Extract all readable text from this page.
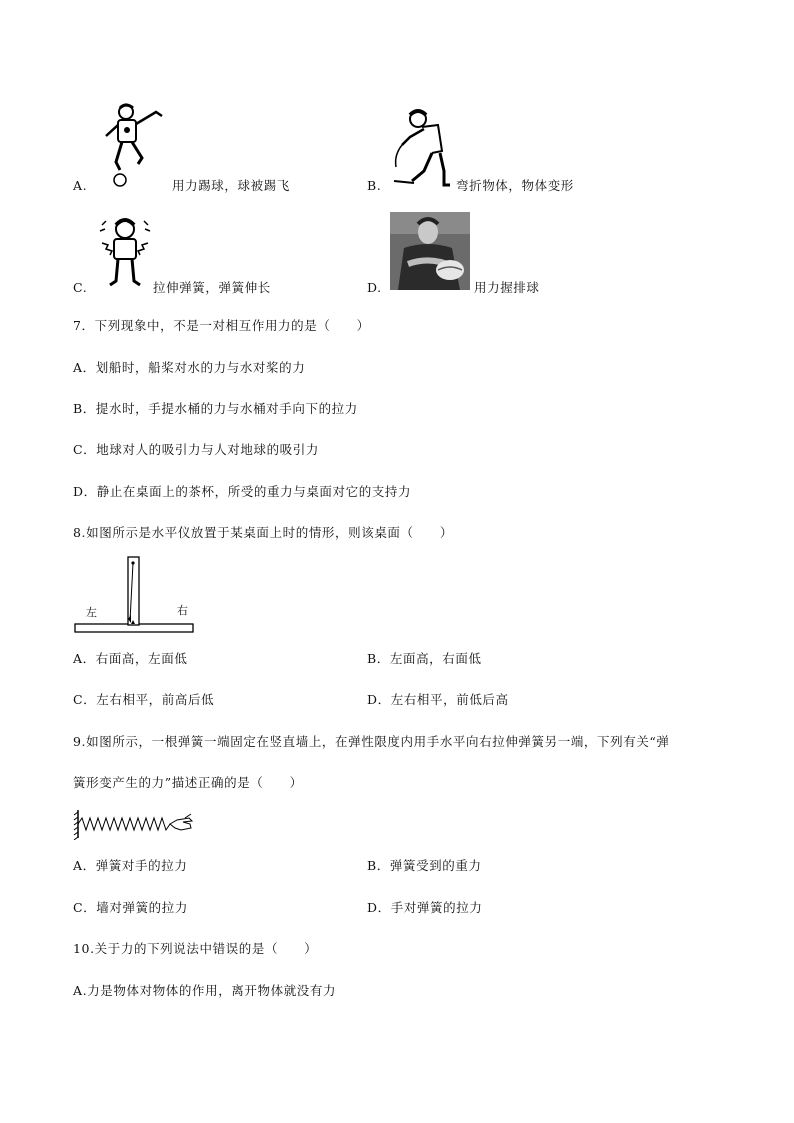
A.	用力踢球，球被踢飞	B.	弯折物体，物体变形
C.	拉伸弹簧，弹簧伸长	D.	用力握排球
7．下列现象中，不是一对相互作用力的是（　　）
A．划船时，船桨对水的力与水对桨的力
B．提水时，手提水桶的力与水桶对手向下的拉力
C．地球对人的吸引力与人对地球的吸引力
D．静止在桌面上的茶杯，所受的重力与桌面对它的支持力
8.如图所示是水平仪放置于某桌面上时的情形，则该桌面（　　）
左	右
A．右面高，左面低	B．左面高，右面低
C．左右相平，前高后低	D．左右相平，前低后高
9.如图所示，一根弹簧一端固定在竖直墙上，在弹性限度内用手水平向右拉伸弹簧另一端，下列有关“弹
簧形变产生的力”描述正确的是（　　）
A．弹簧对手的拉力	B．弹簧受到的重力
C．墙对弹簧的拉力	D．手对弹簧的拉力
10.关于力的下列说法中错误的是（　　）
A.力是物体对物体的作用，离开物体就没有力
